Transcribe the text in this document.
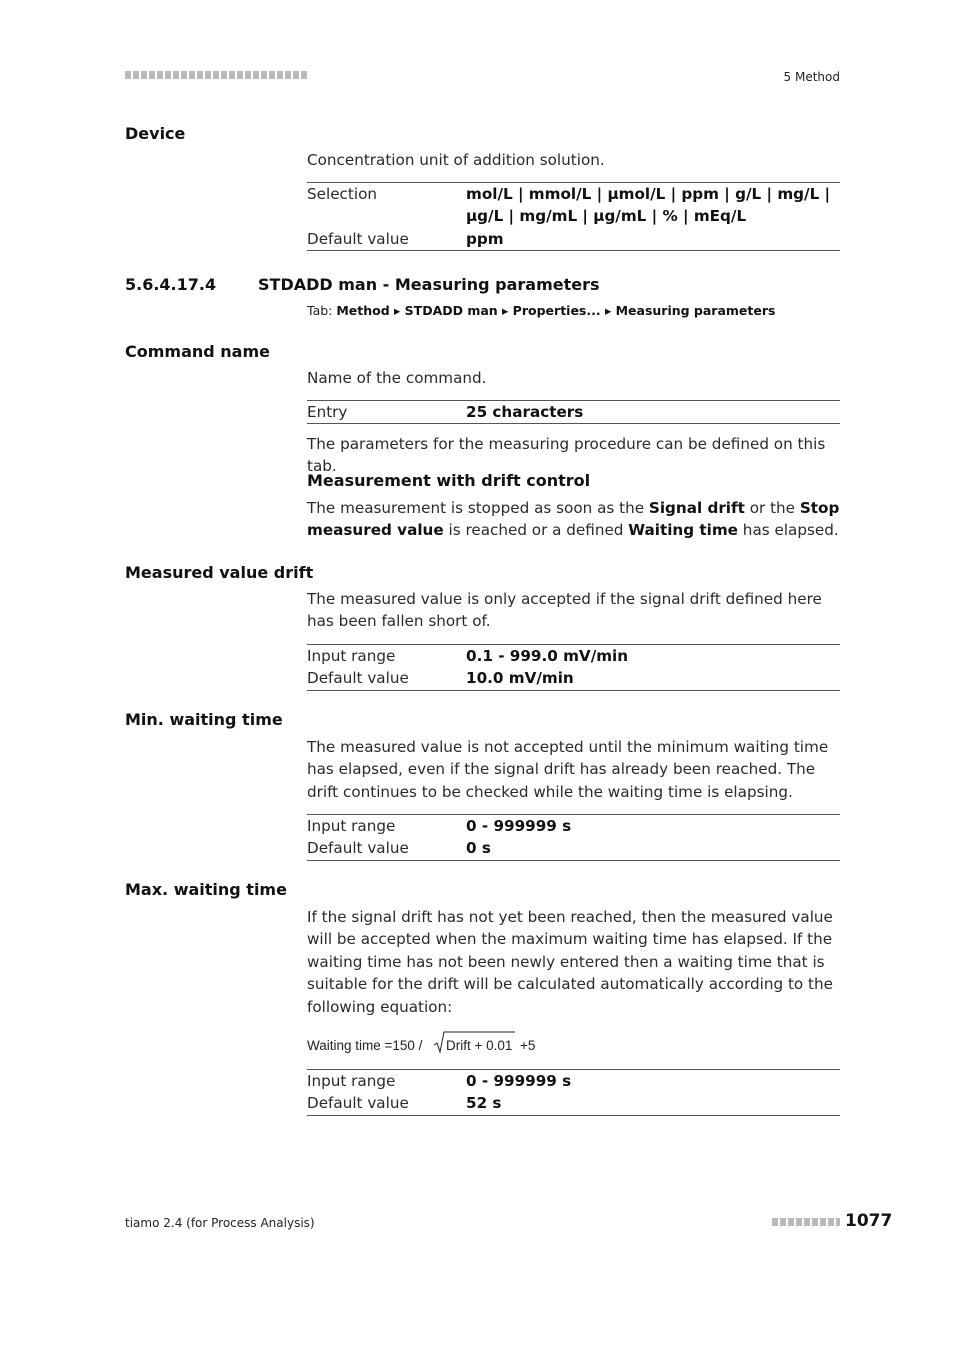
5 Method
Device
Concentration unit of addition solution.
Selection	mol/L | mmol/L | µmol/L | ppm | g/L | mg/L | µg/L | mg/mL | µg/mL | % | mEq/L
Default value	ppm
5.6.4.17.4	STDADD man - Measuring parameters
Tab: Method ▸ STDADD man ▸ Properties... ▸ Measuring parameters
Command name
Name of the command.
Entry	25 characters
The parameters for the measuring procedure can be defined on this tab.
Measurement with drift control
The measurement is stopped as soon as the Signal drift or the Stop measured value is reached or a defined Waiting time has elapsed.
Measured value drift
The measured value is only accepted if the signal drift defined here has been fallen short of.
Input range	0.1 - 999.0 mV/min
Default value	10.0 mV/min
Min. waiting time
The measured value is not accepted until the minimum waiting time has elapsed, even if the signal drift has already been reached. The drift continues to be checked while the waiting time is elapsing.
Input range	0 - 999999 s
Default value	0 s
Max. waiting time
If the signal drift has not yet been reached, then the measured value will be accepted when the maximum waiting time has elapsed. If the waiting time has not been newly entered then a waiting time that is suitable for the drift will be calculated automatically according to the following equation:
Waiting time =150 / Drift + 0.01 +5
Input range	0 - 999999 s
Default value	52 s
tiamo 2.4 (for Process Analysis)	1077
